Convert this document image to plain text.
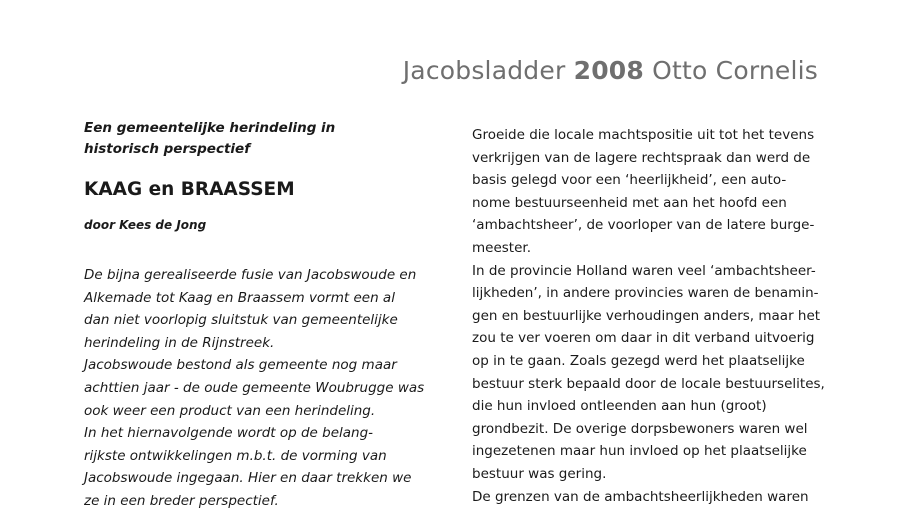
Jacobsladder 2008 Otto Cornelis
Een gemeentelijke herindeling in
historisch perspectief
KAAG en BRAASSEM
door Kees de Jong
De bijna gerealiseerde fusie van Jacobswoude en
Alkemade tot Kaag en Braassem vormt een al
dan niet voorlopig sluitstuk van gemeentelijke
herindeling in de Rijnstreek.
Jacobswoude bestond als gemeente nog maar
achttien jaar - de oude gemeente Woubrugge was
ook weer een product van een herindeling.
In het hiernavolgende wordt op de belang-
rijkste ontwikkelingen m.b.t. de vorming van
Jacobswoude ingegaan. Hier en daar trekken we
ze in een breder perspectief.
Groeide die locale machtspositie uit tot het tevens
verkrijgen van de lagere rechtspraak dan werd de
basis gelegd voor een ‘heerlijkheid’, een auto-
nome bestuurseenheid met aan het hoofd een
‘ambachtsheer’, de voorloper van de latere burge-
meester.
In de provincie Holland waren veel ‘ambachtsheer-
lijkheden’, in andere provincies waren de benamin-
gen en bestuurlijke verhoudingen anders, maar het
zou te ver voeren om daar in dit verband uitvoerig
op in te gaan. Zoals gezegd werd het plaatselijke
bestuur sterk bepaald door de locale bestuurselites,
die hun invloed ontleenden aan hun (groot)
grondbezit. De overige dorpsbewoners waren wel
ingezetenen maar hun invloed op het plaatselijke
bestuur was gering.
De grenzen van de ambachtsheerlijkheden waren
